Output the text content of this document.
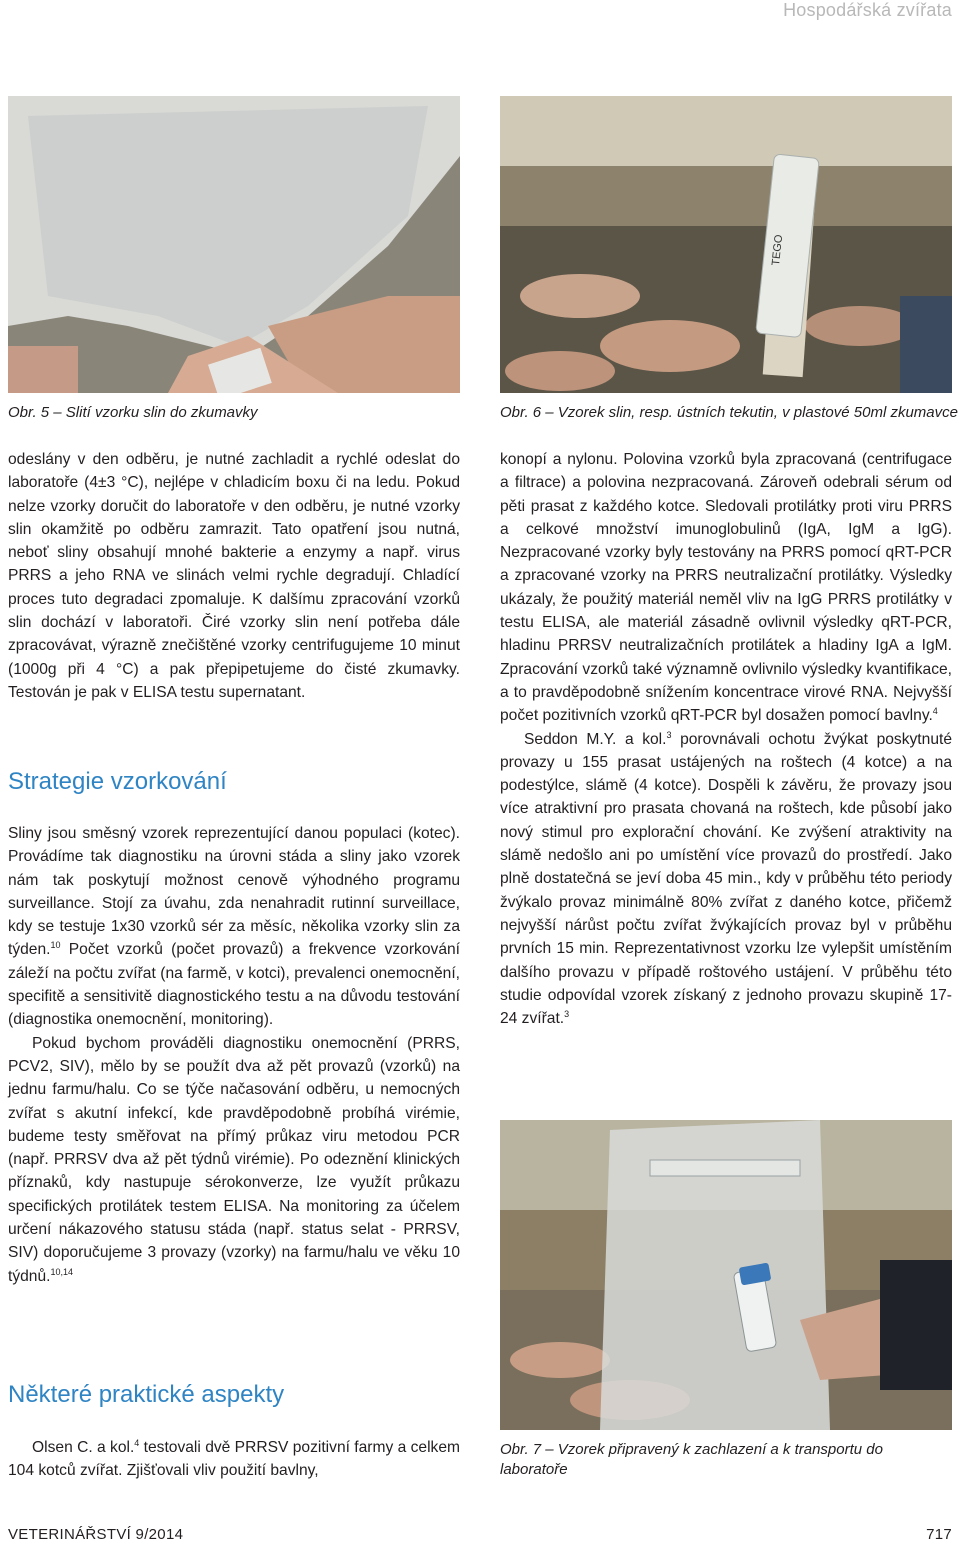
Hospodářská zvířata
Obr. 5 – Slití vzorku slin do zkumavky
TEGO
Obr. 6 – Vzorek slin, resp. ústních tekutin, v plastové 50ml zkumavce

odeslány v den odběru, je nutné zachladit a rychlé odeslat do laboratoře (4±3 °C), nejlépe v chladicím boxu či na ledu. Pokud nelze vzorky doručit do laboratoře v den odběru, je nutné vzorky slin okamžitě po odběru zamrazit. Tato opatření jsou nutná, neboť sliny obsahují mnohé bakterie a enzymy a např. virus PRRS a jeho RNA ve slinách velmi rychle degradují. Chladící proces tuto degradaci zpomaluje. K dalšímu zpracování vzorků slin dochází v laboratoři. Čiré vzorky slin není potřeba dále zpracovávat, výrazně znečištěné vzorky centrifugujeme 10 minut (1000g při 4 °C) a pak přepipetujeme do čisté zkumavky. Testován je pak v ELISA testu supernatant.

Strategie vzorkování

Sliny jsou směsný vzorek reprezentující danou populaci (kotec). Provádíme tak diagnostiku na úrovni stáda a sliny jako vzorek nám tak poskytují možnost cenově výhodného programu surveillance. Stojí za úvahu, zda nenahradit rutinní surveillace, kdy se testuje 1x30 vzorků sér za měsíc, několika vzorky slin za týden.$^{10}$ Počet vzorků (počet provazů) a frekvence vzorkování záleží na počtu zvířat (na farmě, v kotci), prevalenci onemocnění, specifitě a sensitivitě diagnostického testu a na důvodu testování (diagnostika onemocnění, monitoring).

Pokud bychom prováděli diagnostiku onemocnění (PRRS, PCV2, SIV), mělo by se použít dva až pět provazů (vzorků) na jednu farmu/halu. Co se týče načasování odběru, u nemocných zvířat s akutní infekcí, kde pravděpodobně probíhá virémie, budeme testy směřovat na přímý průkaz viru metodou PCR (např. PRRSV dva až pět týdnů virémie). Po odeznění klinických příznaků, kdy nastupuje sérokonverze, lze využít průkazu specifických protilátek testem ELISA. Na monitoring za účelem určení nákazového statusu stáda (např. status selat - PRRSV, SIV) doporučujeme 3 provazy (vzorky) na farmu/halu ve věku 10 týdnů.$^{10,14}$

Některé praktické aspekty

Olsen C. a kol.$^4$ testovali dvě PRRSV pozitivní farmy a celkem 104 kotců zvířat. Zjišťovali vliv použití bavlny,

konopí a nylonu. Polovina vzorků byla zpracovaná (centrifugace a filtrace) a polovina nezpracovaná. Zároveň odebrali sérum od pěti prasat z každého kotce. Sledovali protilátky proti viru PRRS a celkové množství imunoglobulinů (IgA, IgM a IgG). Nezpracované vzorky byly testovány na PRRS pomocí qRT-PCR a zpracované vzorky na PRRS neutralizační protilátky. Výsledky ukázaly, že použitý materiál neměl vliv na IgG PRRS protilátky v testu ELISA, ale materiál zásadně ovlivnil výsledky qRT-PCR, hladinu PRRSV neutralizačních protilátek a hladiny IgA a IgM. Zpracování vzorků také významně ovlivnilo výsledky kvantifikace, a to pravděpodobně snížením koncentrace virové RNA. Nejvyšší počet pozitivních vzorků qRT-PCR byl dosažen pomocí bavlny.$^4$

Seddon M.Y. a kol.$^3$ porovnávali ochotu žvýkat poskytnuté provazy u 155 prasat ustájených na roštech (4 kotce) a na podestýlce, slámě (4 kotce). Dospěli k závěru, že provazy jsou více atraktivní pro prasata chovaná na roštech, kde působí jako nový stimul pro explorační chování. Ke zvýšení atraktivity na slámě nedošlo ani po umístění více provazů do prostředí. Jako plně dostatečná se jeví doba 45 min., kdy v průběhu této periody žvýkalo provaz minimálně 80% zvířat z daného kotce, přičemž nejvyšší nárůst počtu zvířat žvýkajících provaz byl v průběhu prvních 15 min. Reprezentativnost vzorku lze vylepšit umístěním dalšího provazu v případě roštového ustájení. V průběhu této studie odpovídal vzorek získaný z jednoho provazu skupině 17-24 zvířat.$^3$

Obr. 7 – Vzorek připravený k zachlazení a k transportu do laboratoře
VETERINÁŘSTVÍ 9/2014	717
